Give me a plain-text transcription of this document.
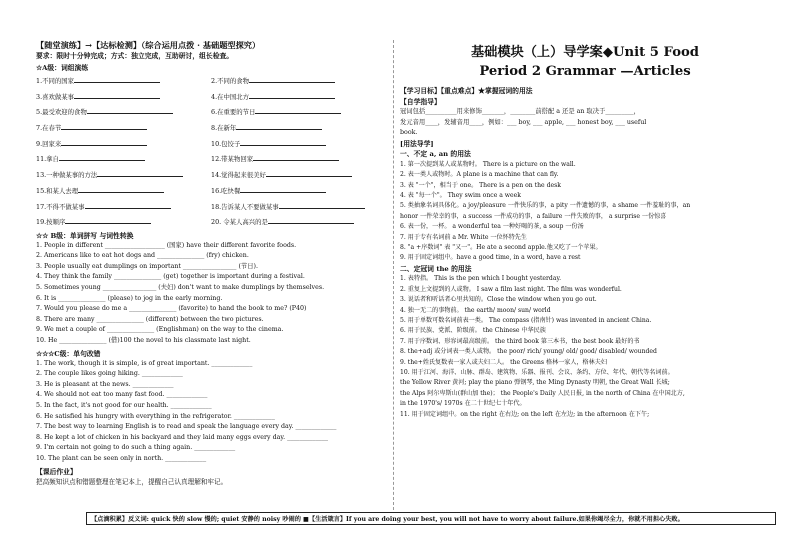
【随堂演练】→【达标检测】（综合运用点拨 · 基础题型探究）
要求：限时十分钟完成；方式：独立完成，互助研讨，组长检查。
☆A级：词组演练
1.不同的国家	2.不同的食物
3.喜欢做某事	4.在中国北方
5.最受欢迎的食物	6.在重要的节日
7.在春节	8.在新年
9.回家来	10.包饺子
11.拿自	12.带某物回家
13.一种做某事的方法	14.觉得起来很美好
15.和某人去理	16.吃快餐
17.不得不做某事	18.告诉某人不要做某事
19.按顺序	20. 令某人高兴的是
☆☆ B级：单词拼写 与词性转换
1. People in different ___________________ (国家) have their different favorite foods.
2. Americans like to eat hot dogs and _______________ (fry) chicken.
3. People usually eat dumplings on important _________________ (节日).
4. They think the family _______________ (get) together is important during a festival.
5. Sometimes young _________________ (夫妇) don't want to make dumplings by themselves.
6. It is _______________ (please) to jog in the early morning.
7. Would you please do me a _______________ (favorite) to hand the book to me? (P40)
8. There are many _______________ (different) between the two pictures.
9. We met a couple of _______________ (Englishman) on the way to the cinema.
10. He _______________ (借)100 the novel to his classmate last night.
☆☆☆C级：单句改错
1. The work, though it is simple, is of great important. _____________
2. The couple likes going hiking. _____________
3. He is pleasant at the news. _____________
4. We should not eat too many fast food. _____________
5. In the fact, it's not good for our health. _____________
6. He satisfied his hungry with everything in the refrigerator. _____________
7. The best way to learning English is to read and speak the language every day. _____________
8. He kept a lot of chicken in his backyard and they laid many eggs every day. _____________
9. I'm certain not going to do such a thing again. _____________
10. The plant can be seen only in north. _____________
【课后作业】
把高频知识点和错题整理在笔记本上，提醒自己认真理解和牢记。
基础模块（上）导学案◆Unit 5 Food
Period 2 Grammar —Articles
【学习目标】【重点难点】★掌握冠词的用法
【自学指导】
冠词包括__________用来修饰_______，________前搭配 a 还是 an 取决于_________，
发元音用____，发辅音用____，例如：___ boy, ___ apple, ___ honest boy, ___ useful
book.
[用法导学]
一、不定 a, an 的用法
1. 第一次提到某人或某物时。 There is a picture on the wall.
2. 表一类人或物时。A plane is a machine that can fly.
3. 表 "一个"，相当于 one。 There is a pen on the desk
4. 表 "每一个"。 They swim once a week
5. 类抽象名词具体化。a joy/pleasure 一件快乐的事，a pity 一件遗憾的事，a shame 一件羞耻的事，an
honor 一件荣幸的事，a success 一件成功的事，a failure 一件失败的事， a surprise 一份惊喜
6. 表一份，一杯。 a wonderful tea 一种好喝的茶, a soup 一份汤
7. 用于专有名词前 a Mr. White 一位怀特先生
8. "a +序数词" 表 "又一"。He ate a second apple.他又吃了一个苹果。
9. 用于固定词组中。have a good time, in a word, have a rest
二、定冠词 the 的用法
1. 表特指。 This is the pen which I bought yesterday.
2. 重复上文提到的人或物。 I saw a film last night. The film was wonderful.
3. 说话者和听话者心里共知的。Close the window when you go out.
4. 独一无二的事物前。 the earth/ moon/ sun/ world
5. 用于单数可数名词前表一类。 The compass (指南针) was invented in ancient China.
6. 用于民族、党派、阶级前。 the Chinese 中华民族
7. 用于序数词、形容词最高级前。 the third book 第三本书，the best book 最好的书
8. the+adj 或分词表一类人或物。 the poor/ rich/ young/ old/ good/ disabled/ wounded
9. the+姓氏复数表一家人或夫妇二人。 the Greens 格林一家人，格林夫妇
10. 用于江河、海洋、山脉、群岛、建筑物、乐器、报刊、会议、条约、方位、年代、朝代等名词前。
the Yellow River 黄河; play the piano 弹钢琴, the Ming Dynasty 明朝, the Great Wall 长城;
the Alps 阿尔卑斯山(群山加 the)； the People's Daily 人民日报, in the north of China 在中国北方,
in the 1970's/ 1970s 在二十世纪七十年代。
11. 用于固定词组中。on the right 在右边; on the left 在左边; in the afternoon 在下午;
【点滴积累】反义词: quick 快的 slow 慢的; quiet 安静的 noisy 吵闹的 ■【生活箴言】If you are doing your best, you will not have to worry about failure.如果你竭尽全力，你就不用担心失败。
